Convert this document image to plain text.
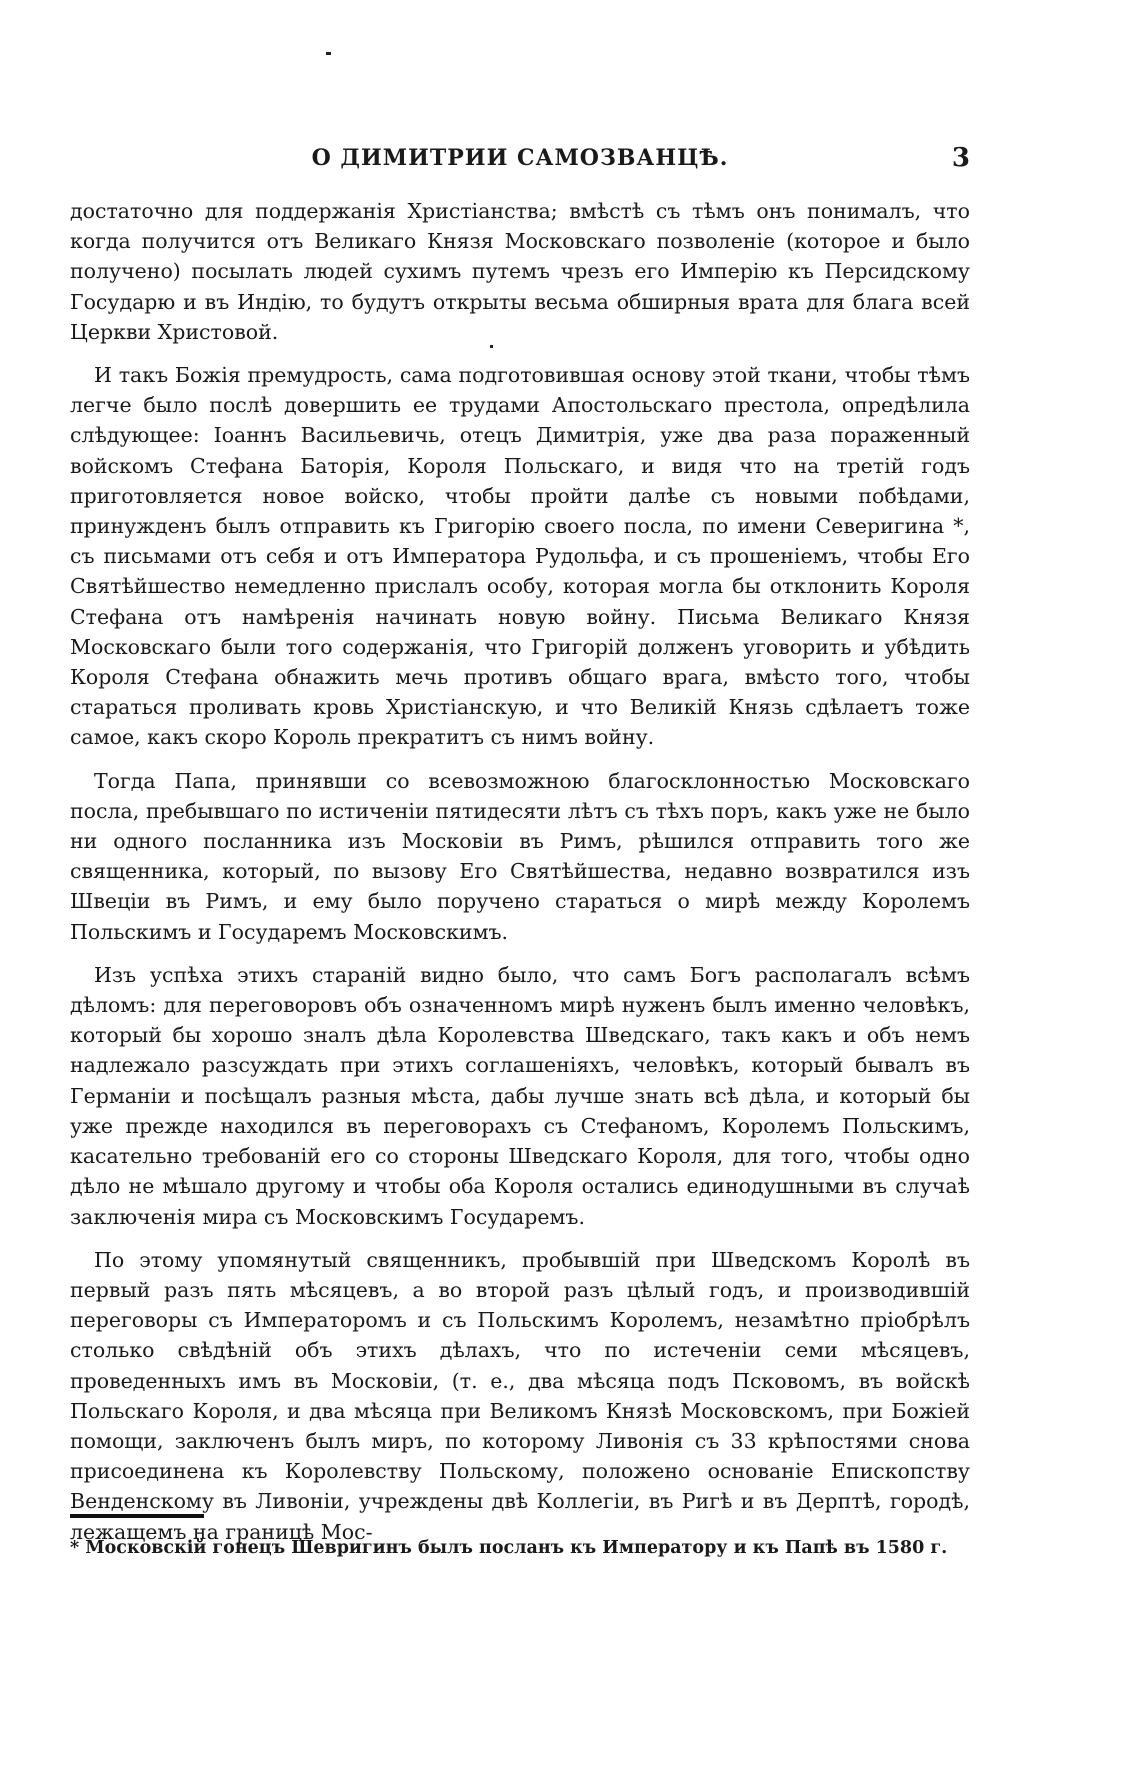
О ДИМИТРИИ САМОЗВАНЦѢ.	3

достаточно для поддержанія Христіанства; вмѣстѣ съ тѣмъ онъ понималъ, что когда получится отъ Великаго Князя Московскаго позволеніе (которое и было получено) посылать людей сухимъ путемъ чрезъ его Имперію къ Персидскому Государю и въ Индію, то будутъ открыты весьма обширныя врата для блага всей Церкви Христовой.

И такъ Божія премудрость, сама подготовившая основу этой ткани, чтобы тѣмъ легче было послѣ довершить ее трудами Апостольскаго престола, опредѣлила слѣдующее: Іоаннъ Васильевичь, отецъ Димитрія, уже два раза пораженный войскомъ Стефана Баторія, Короля Польскаго, и видя что на третій годъ приготовляется новое войско, чтобы пройти далѣе съ новыми побѣдами, принужденъ былъ отправить къ Григорію своего посла, по имени Северигина *, съ письмами отъ себя и отъ Императора Рудольфа, и съ прошеніемъ, чтобы Его Святѣйшество немедленно прислалъ особу, которая могла бы отклонить Короля Стефана отъ намѣренія начинать новую войну. Письма Великаго Князя Московскаго были того содержанія, что Григорій долженъ уговорить и убѣдить Короля Стефана обнажить мечь противъ общаго врага, вмѣсто того, чтобы стараться проливать кровь Христіанскую, и что Великій Князь сдѣлаетъ тоже самое, какъ скоро Король прекратитъ съ нимъ войну.

Тогда Папа, принявши со всевозможною благосклонностью Московскаго посла, пребывшаго по истиченіи пятидесяти лѣтъ съ тѣхъ поръ, какъ уже не было ни одного посланника изъ Московіи въ Римъ, рѣшился отправить того же священника, который, по вызову Его Святѣйшества, недавно возвратился изъ Швеціи въ Римъ, и ему было поручено стараться о мирѣ между Королемъ Польскимъ и Государемъ Московскимъ.

Изъ успѣха этихъ стараній видно было, что самъ Богъ располагалъ всѣмъ дѣломъ: для переговоровъ объ означенномъ мирѣ нуженъ былъ именно человѣкъ, который бы хорошо зналъ дѣла Королевства Шведскаго, такъ какъ и объ немъ надлежало разсуждать при этихъ соглашеніяхъ, человѣкъ, который бывалъ въ Германіи и посѣщалъ разныя мѣста, дабы лучше знать всѣ дѣла, и который бы уже прежде находился въ переговорахъ съ Стефаномъ, Королемъ Польскимъ, касательно требованій его со стороны Шведскаго Короля, для того, чтобы одно дѣло не мѣшало другому и чтобы оба Короля остались единодушными въ случаѣ заключенія мира съ Московскимъ Государемъ.

По этому упомянутый священникъ, пробывшій при Шведскомъ Королѣ въ первый разъ пять мѣсяцевъ, а во второй разъ цѣлый годъ, и производившій переговоры съ Императоромъ и съ Польскимъ Королемъ, незамѣтно пріобрѣлъ столько свѣдѣній объ этихъ дѣлахъ, что по истеченіи семи мѣсяцевъ, проведенныхъ имъ въ Московіи, (т. е., два мѣсяца подъ Псковомъ, въ войскѣ Польскаго Короля, и два мѣсяца при Великомъ Князѣ Московскомъ, при Божіей помощи, заключенъ былъ миръ, по которому Ливонія съ 33 крѣпостями снова присоединена къ Королевству Польскому, положено основаніе Епископству Венденскому въ Ливоніи, учреждены двѣ Коллегіи, въ Ригѣ и въ Дерптѣ, городѣ, лежащемъ на границѣ Мос-

* Московскій гонецъ Шевригинъ былъ посланъ къ Императору и къ Папѣ въ 1580 г.
